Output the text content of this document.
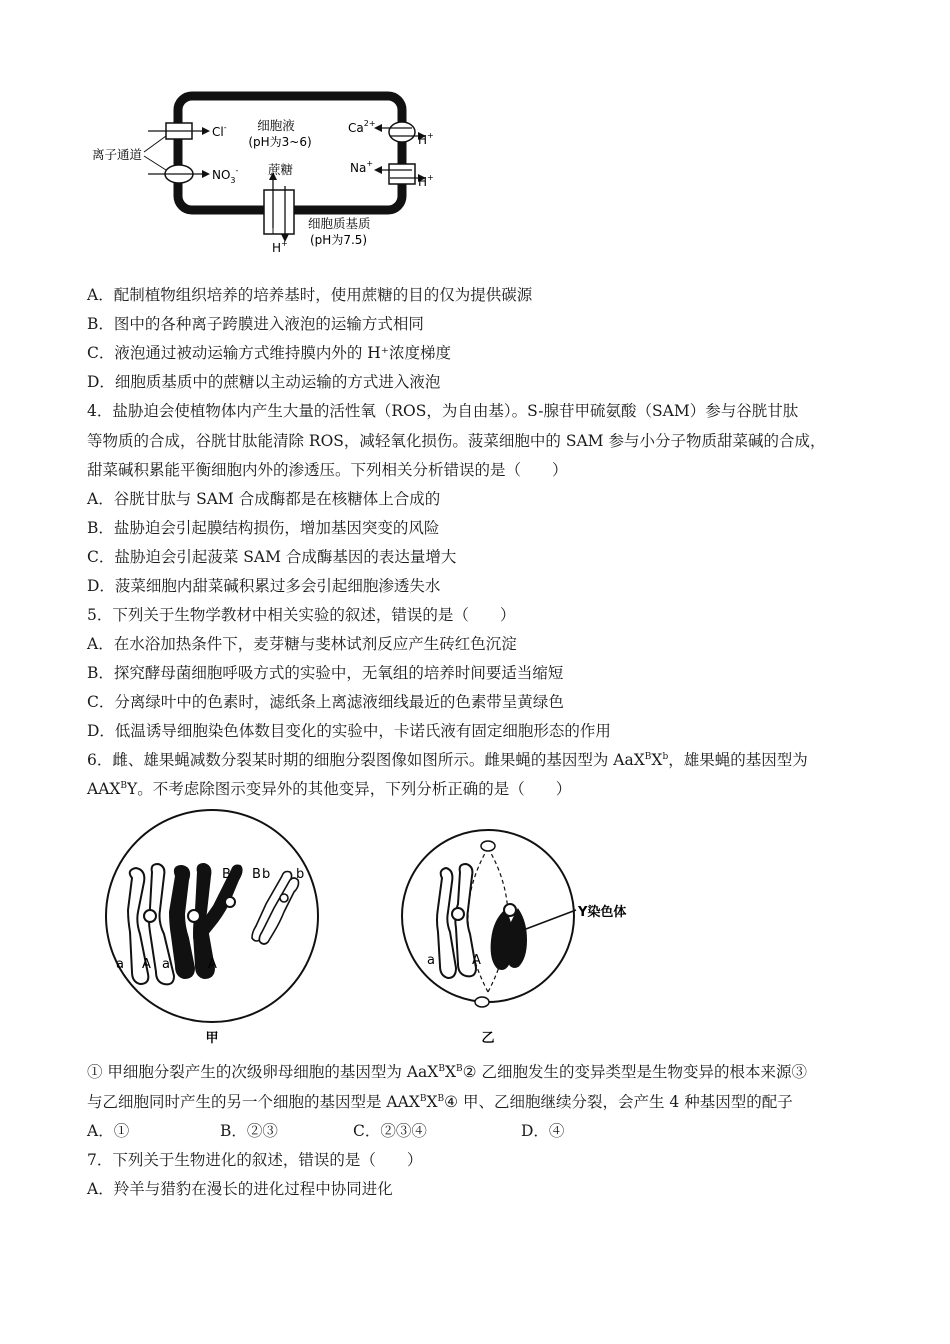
细胞液
(pH为3~6)
Cl-
$NO_3^-$
离子通道
蔗糖
H+
细胞质基质
(pH为7.5)
$Ca^{2+}$
H+
Na+
H+
A．配制植物组织培养的培养基时，使用蔗糖的目的仅为提供碳源
B．图中的各种离子跨膜进入液泡的运输方式相同
C．液泡通过被动运输方式维持膜内外的 H⁺浓度梯度
D．细胞质基质中的蔗糖以主动运输的方式进入液泡
4．盐胁迫会使植物体内产生大量的活性氧（ROS，为自由基）。S-腺苷甲硫氨酸（SAM）参与谷胱甘肽
等物质的合成，谷胱甘肽能清除 ROS，减轻氧化损伤。菠菜细胞中的 SAM 参与小分子物质甜菜碱的合成，
甜菜碱积累能平衡细胞内外的渗透压。下列相关分析错误的是（　　）
A．谷胱甘肽与 SAM 合成酶都是在核糖体上合成的
B．盐胁迫会引起膜结构损伤，增加基因突变的风险
C．盐胁迫会引起菠菜 SAM 合成酶基因的表达量增大
D．菠菜细胞内甜菜碱积累过多会引起细胞渗透失水
5．下列关于生物学教材中相关实验的叙述，错误的是（　　）
A．在水浴加热条件下，麦芽糖与斐林试剂反应产生砖红色沉淀
B．探究酵母菌细胞呼吸方式的实验中，无氧组的培养时间要适当缩短
C．分离绿叶中的色素时，滤纸条上离滤液细线最近的色素带呈黄绿色
D．低温诱导细胞染色体数目变化的实验中，卡诺氏液有固定细胞形态的作用
6．雌、雄果蝇减数分裂某时期的细胞分裂图像如图所示。雌果蝇的基因型为 $AaX^BX^b$，雄果蝇的基因型为
$AAX^BY$。不考虑除图示变异外的其他变异，下列分析正确的是（　　）
a A a	A
B B b b
甲
Y染色体
a	A
乙
① 甲细胞分裂产生的次级卵母细胞的基因型为 $AaX^BX^B②$ 乙细胞发生的变异类型是生物变异的根本来源③
与乙细胞同时产生的另一个细胞的基因型是 $AAX^BX^B④$ 甲、乙细胞继续分裂，会产生 4 种基因型的配子
A．①	B．②③	C．②③④	D．④
7．下列关于生物进化的叙述，错误的是（　　）
A．羚羊与猎豹在漫长的进化过程中协同进化
